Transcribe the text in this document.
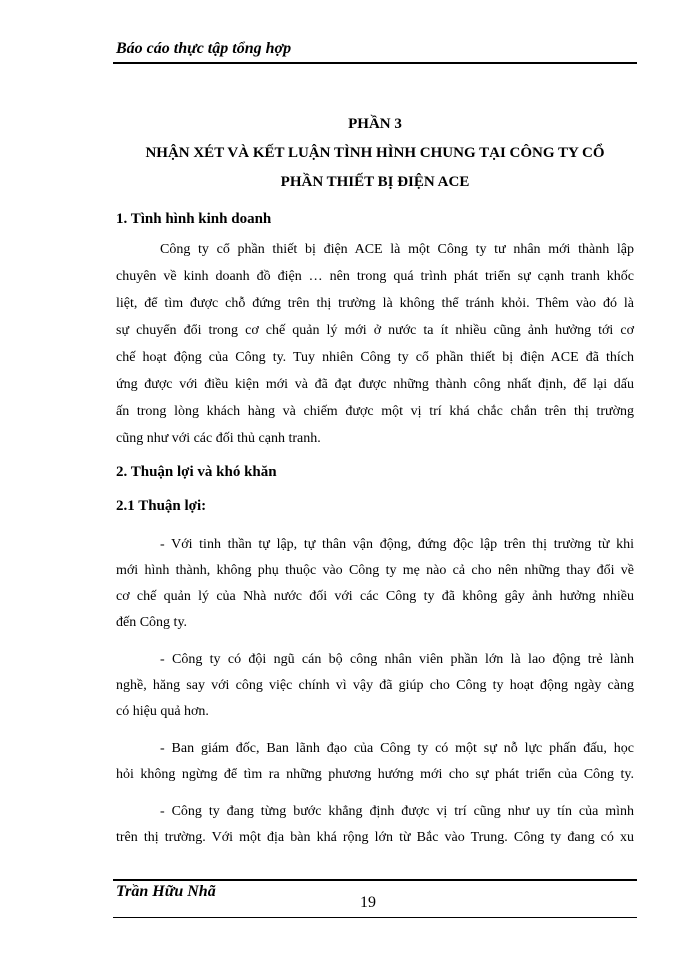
Báo cáo thực tập tổng hợp
PHẦN 3
NHẬN XÉT VÀ KẾT LUẬN TÌNH HÌNH CHUNG TẠI CÔNG TY CỔ
PHẦN THIẾT BỊ ĐIỆN ACE
1. Tình hình kinh doanh
Công ty cổ phần thiết bị điện ACE là một Công ty tư nhân mới thành lập
chuyên về kinh doanh đồ điện … nên trong quá trình phát triển sự cạnh tranh khốc
liệt, để tìm được chỗ đứng trên thị trường là không thể tránh khỏi. Thêm vào đó là
sự chuyển đổi trong cơ chế quản lý mới ở nước ta ít nhiều cũng ảnh hưởng tới cơ
chế hoạt động của Công ty. Tuy nhiên Công ty cổ phần thiết bị điện ACE đã thích
ứng được với điều kiện mới và đã đạt được những thành công nhất định, để lại dấu
ấn trong lòng khách hàng và chiếm được một vị trí khá chắc chắn trên thị trường
cũng như với các đối thủ cạnh tranh.
2. Thuận lợi và khó khăn
2.1 Thuận lợi:
- Với tinh thần tự lập, tự thân vận động, đứng độc lập trên thị trường từ khi
mới hình thành, không phụ thuộc vào Công ty mẹ nào cả cho nên những thay đổi về
cơ chế quản lý của Nhà nước đối với các Công ty đã không gây ảnh hưởng nhiều
đến Công ty.
- Công ty có đội ngũ cán bộ công nhân viên phần lớn là lao động trẻ lành
nghề, hăng say với công việc chính vì vậy đã giúp cho Công ty hoạt động ngày càng
có hiệu quả hơn.
- Ban giám đốc, Ban lãnh đạo của Công ty có một sự nỗ lực phấn đấu, học
hỏi không ngừng để tìm ra những phương hướng mới cho sự phát triển của Công ty.
- Công ty đang từng bước khẳng định được vị trí cũng như uy tín của mình
trên thị trường. Với một địa bàn khá rộng lớn từ Bắc vào Trung. Công ty đang có xu
Trần Hữu Nhã
19
